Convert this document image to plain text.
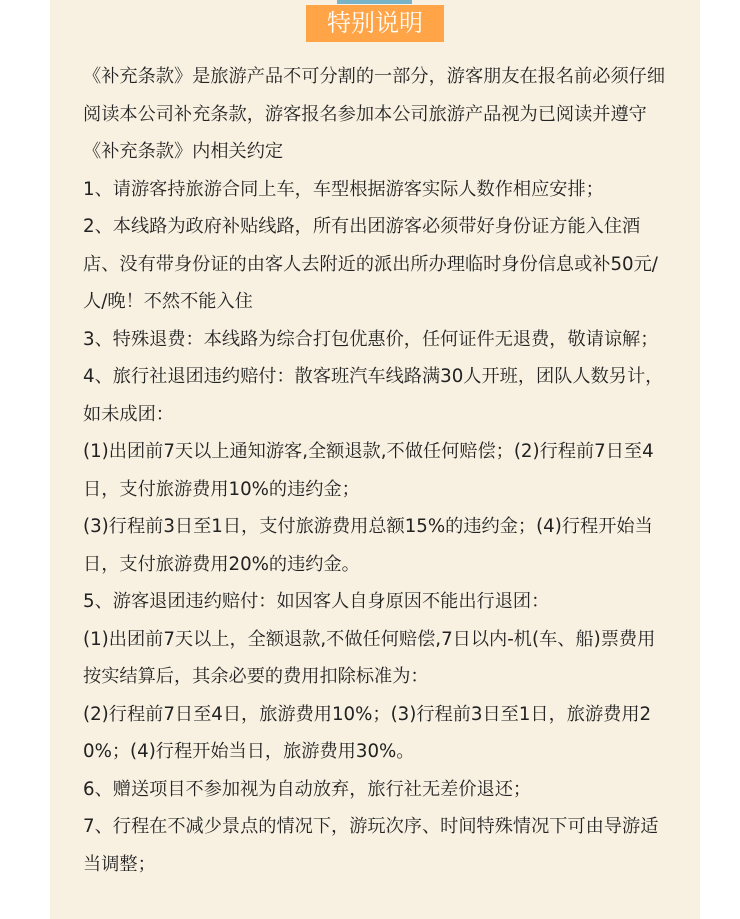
特别说明

《补充条款》是旅游产品不可分割的一部分，游客朋友在报名前必须仔细阅读本公司补充条款，游客报名参加本公司旅游产品视为已阅读并遵守《补充条款》内相关约定

1、请游客持旅游合同上车，车型根据游客实际人数作相应安排；

2、本线路为政府补贴线路，所有出团游客必须带好身份证方能入住酒店、没有带身份证的由客人去附近的派出所办理临时身份信息或补50元/人/晚！不然不能入住

3、特殊退费：本线路为综合打包优惠价，任何证件无退费，敬请谅解；

4、旅行社退团违约赔付：散客班汽车线路满30人开班，团队人数另计，如未成团：

(1)出团前7天以上通知游客,全额退款,不做任何赔偿；(2)行程前7日至4日，支付旅游费用10%的违约金；

(3)行程前3日至1日，支付旅游费用总额15%的违约金；(4)行程开始当日，支付旅游费用20%的违约金。

5、游客退团违约赔付：如因客人自身原因不能出行退团：

(1)出团前7天以上，全额退款,不做任何赔偿,7日以内-机(车、船)票费用按实结算后，其余必要的费用扣除标准为：

(2)行程前7日至4日，旅游费用10%；(3)行程前3日至1日，旅游费用20%；(4)行程开始当日，旅游费用30%。

6、赠送项目不参加视为自动放弃，旅行社无差价退还；

7、行程在不减少景点的情况下，游玩次序、时间特殊情况下可由导游适当调整；
